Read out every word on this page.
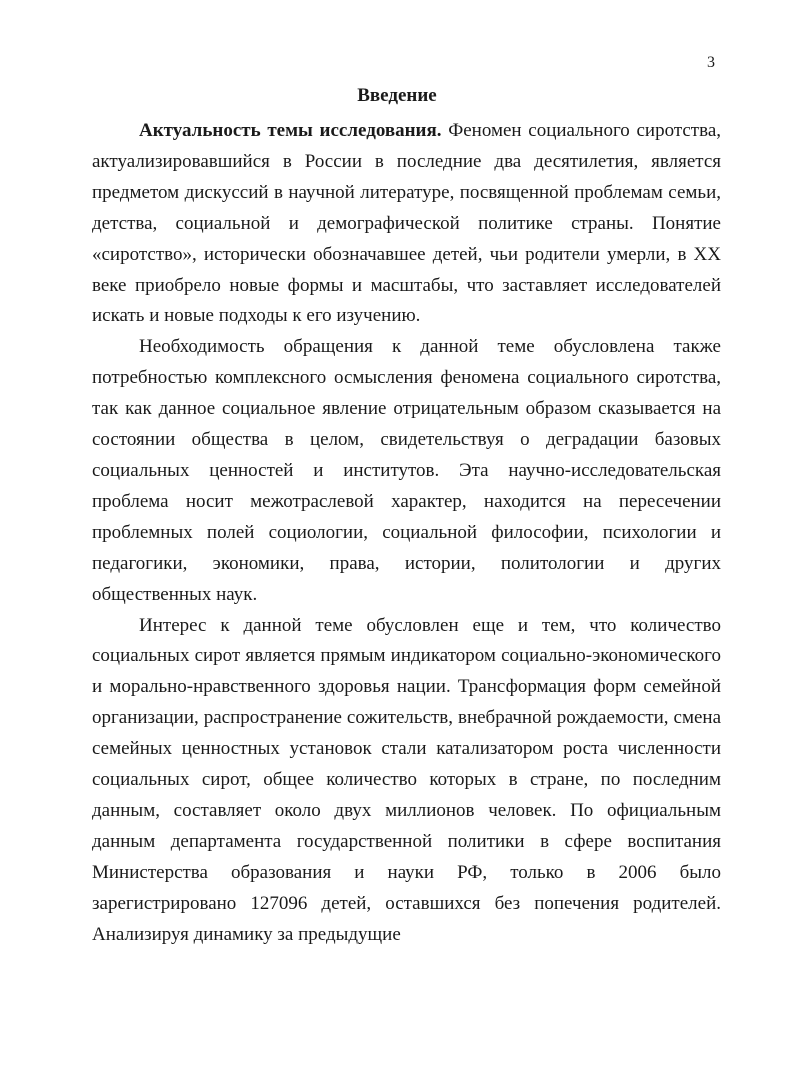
3
Введение

Актуальность темы исследования. Феномен социального сиротства, актуализировавшийся в России в последние два десятилетия, является предметом дискуссий в научной литературе, посвященной проблемам семьи, детства, социальной и демографической политике страны. Понятие «сиротство», исторически обозначавшее детей, чьи родители умерли, в XX веке приобрело новые формы и масштабы, что заставляет исследователей искать и новые подходы к его изучению.

Необходимость обращения к данной теме обусловлена также потребностью комплексного осмысления феномена социального сиротства, так как данное социальное явление отрицательным образом сказывается на состоянии общества в целом, свидетельствуя о деградации базовых социальных ценностей и институтов. Эта научно-исследовательская проблема носит межотраслевой характер, находится на пересечении проблемных полей социологии, социальной философии, психологии и педагогики, экономики, права, истории, политологии и других общественных наук.

Интерес к данной теме обусловлен еще и тем, что количество социальных сирот является прямым индикатором социально-экономического и морально-нравственного здоровья нации. Трансформация форм семейной организации, распространение сожительств, внебрачной рождаемости, смена семейных ценностных установок стали катализатором роста численности социальных сирот, общее количество которых в стране, по последним данным, составляет около двух миллионов человек. По официальным данным департамента государственной политики в сфере воспитания Министерства образования и науки РФ, только в 2006 было зарегистрировано 127096 детей, оставшихся без попечения родителей. Анализируя динамику за предыдущие
